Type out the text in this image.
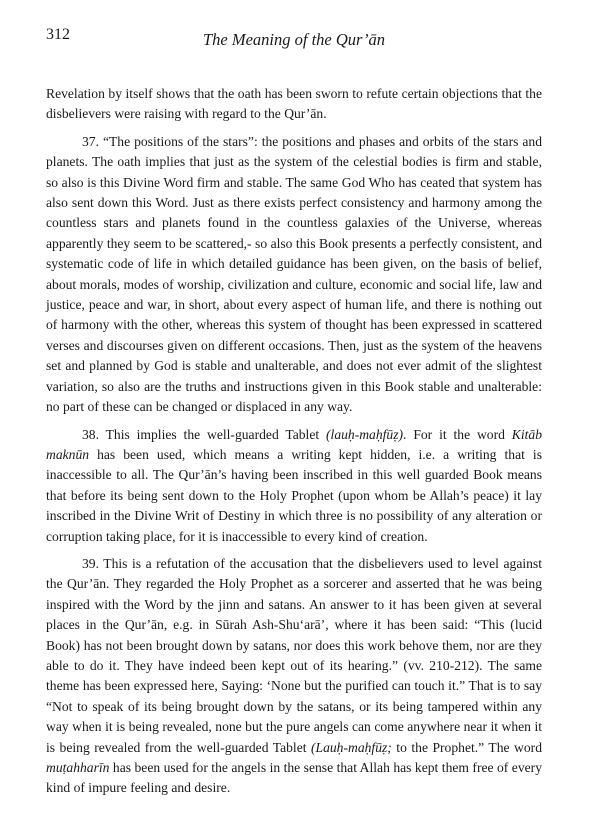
312	The Meaning of the Qur’ān

Revelation by itself shows that the oath has been sworn to refute certain objections that the disbelievers were raising with regard to the Qur’ān.

37. “The positions of the stars”: the positions and phases and orbits of the stars and planets. The oath implies that just as the system of the celestial bodies is firm and stable, so also is this Divine Word firm and stable. The same God Who has ceated that system has also sent down this Word. Just as there exists perfect consistency and harmony among the countless stars and planets found in the countless galaxies of the Universe, whereas apparently they seem to be scattered,- so also this Book presents a perfectly consistent, and systematic code of life in which detailed guidance has been given, on the basis of belief, about morals, modes of worship, civilization and culture, economic and social life, law and justice, peace and war, in short, about every aspect of human life, and there is nothing out of harmony with the other, whereas this system of thought has been expressed in scattered verses and discourses given on different occasions. Then, just as the system of the heavens set and planned by God is stable and unalterable, and does not ever admit of the slightest variation, so also are the truths and instructions given in this Book stable and unalterable: no part of these can be changed or displaced in any way.

38. This implies the well-guarded Tablet (lauḥ-maḥfūẓ). For it the word Kitāb maknūn has been used, which means a writing kept hidden, i.e. a writing that is inaccessible to all. The Qur’ān’s having been inscribed in this well guarded Book means that before its being sent down to the Holy Prophet (upon whom be Allah’s peace) it lay inscribed in the Divine Writ of Destiny in which three is no possibility of any alteration or corruption taking place, for it is inaccessible to every kind of creation.

39. This is a refutation of the accusation that the disbelievers used to level against the Qur’ān. They regarded the Holy Prophet as a sorcerer and asserted that he was being inspired with the Word by the jinn and satans. An answer to it has been given at several places in the Qur’ān, e.g. in Sūrah Ash-Shu‘arā’, where it has been said: “This (lucid Book) has not been brought down by satans, nor does this work behove them, nor are they able to do it. They have indeed been kept out of its hearing.” (vv. 210-212). The same theme has been expressed here, Saying: ‘None but the purified can touch it.” That is to say “Not to speak of its being brought down by the satans, or its being tampered within any way when it is being revealed, none but the pure angels can come anywhere near it when it is being revealed from the well-guarded Tablet (Lauḥ-maḥfūẓ; to the Prophet.” The word muṭahharīn has been used for the angels in the sense that Allah has kept them free of every kind of impure feeling and desire.
